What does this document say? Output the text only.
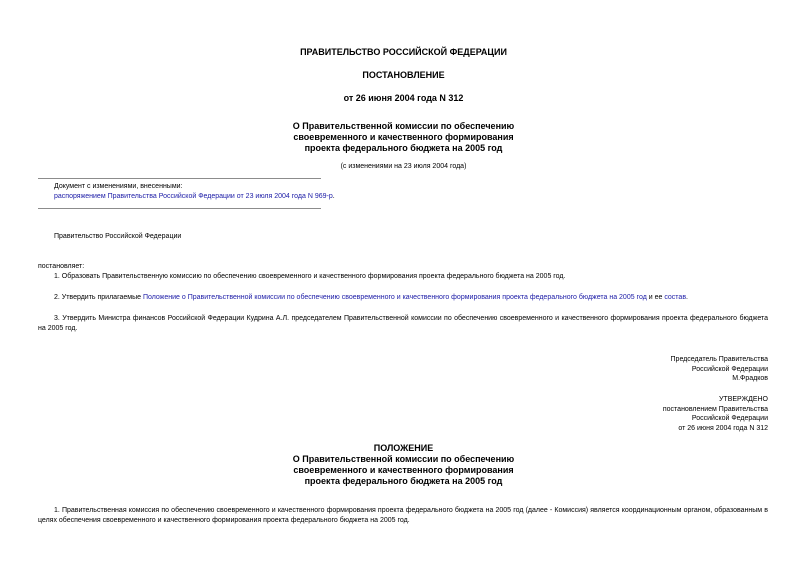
ПРАВИТЕЛЬСТВО РОССИЙСКОЙ ФЕДЕРАЦИИ
ПОСТАНОВЛЕНИЕ
от 26 июня 2004 года N 312
О Правительственной комиссии по обеспечению
своевременного и качественного формирования
проекта федерального бюджета на 2005 год
(с изменениями на 23 июля 2004 года)
Документ с изменениями, внесенными:
распоряжением Правительства Российской Федерации от 23 июля 2004 года N 969-р.
Правительство Российской Федерации
постановляет:
1. Образовать Правительственную комиссию по обеспечению своевременного и качественного формирования проекта федерального бюджета на 2005 год.
2. Утвердить прилагаемые Положение о Правительственной комиссии по обеспечению своевременного и качественного формирования проекта федерального бюджета на 2005 год и ее состав.
3. Утвердить Министра финансов Российской Федерации Кудрина А.Л. председателем Правительственной комиссии по обеспечению своевременного и качественного формирования проекта федерального бюджета на 2005 год.
Председатель Правительства
Российской Федерации
М.Фрадков
УТВЕРЖДЕНО
постановлением Правительства
Российской Федерации
от 26 июня 2004 года N 312
ПОЛОЖЕНИЕ
О Правительственной комиссии по обеспечению
своевременного и качественного формирования
проекта федерального бюджета на 2005 год
1. Правительственная комиссия по обеспечению своевременного и качественного формирования проекта федерального бюджета на 2005 год (далее - Комиссия) является координационным органом, образованным в целях обеспечения своевременного и качественного формирования проекта федерального бюджета на 2005 год.
